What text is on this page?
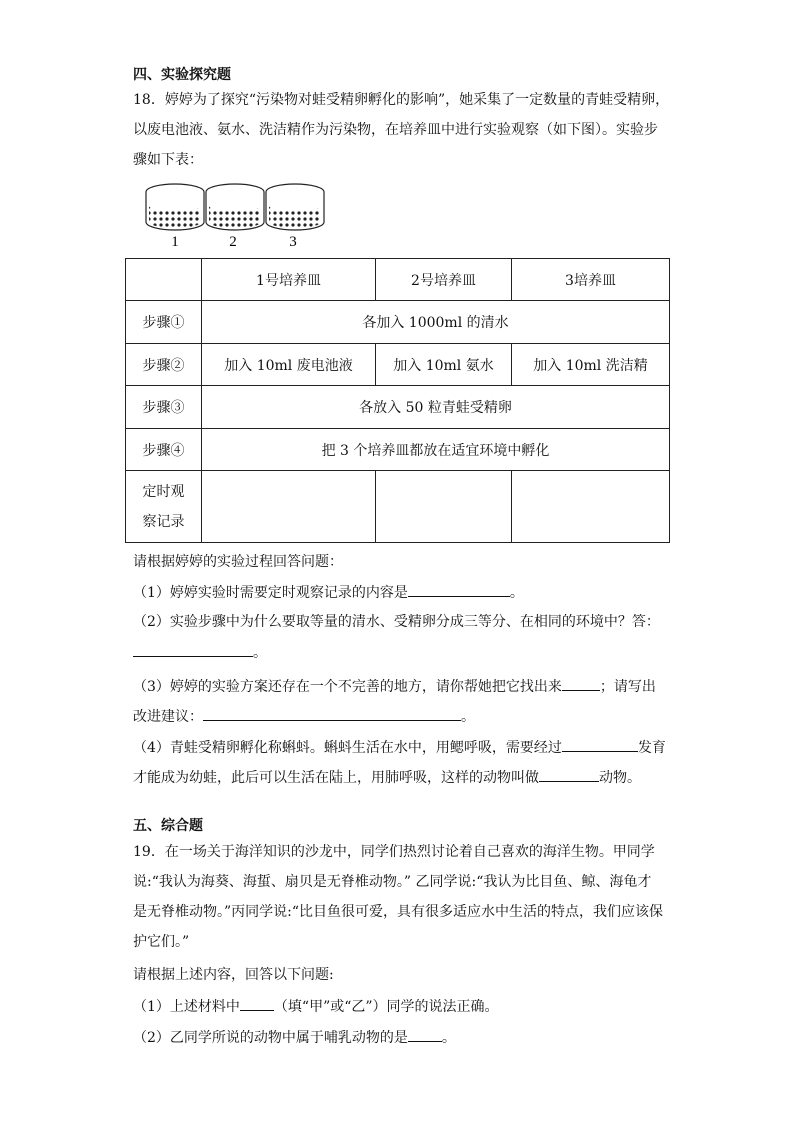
四、实验探究题
18．婷婷为了探究“污染物对蛙受精卵孵化的影响”，她采集了一定数量的青蛙受精卵，
以废电池液、氨水、洗洁精作为污染物，在培养皿中进行实验观察（如下图）。实验步
骤如下表：
1	2	3
	1号培养皿	2号培养皿	3培养皿
步骤①	各加入 1000ml 的清水		
步骤②	加入 10ml 废电池液	加入 10ml 氨水	加入 10ml 洗洁精
步骤③	各放入 50 粒青蛙受精卵		
步骤④	把 3 个培养皿都放在适宜环境中孵化		
定时观
察记录			
请根据婷婷的实验过程回答问题：
（1）婷婷实验时需要定时观察记录的内容是	。
（2）实验步骤中为什么要取等量的清水、受精卵分成三等分、在相同的环境中？答：
。
（3）婷婷的实验方案还存在一个不完善的地方，请你帮她把它找出来	；请写出
改进建议：	。
（4）青蛙受精卵孵化称蝌蚪。蝌蚪生活在水中，用鳃呼吸，需要经过	发育
才能成为幼蛙，此后可以生活在陆上，用肺呼吸，这样的动物叫做	动物。
五、综合题
19．在一场关于海洋知识的沙龙中，同学们热烈讨论着自己喜欢的海洋生物。甲同学
说:“我认为海葵、海蜇、扇贝是无脊椎动物。” 乙同学说:“我认为比目鱼、鲸、海龟才
是无脊椎动物。”丙同学说:“比目鱼很可爱，具有很多适应水中生活的特点，我们应该保
护它们。”
请根据上述内容，回答以下问题:
（1）上述材料中 （填“甲”或“乙”）同学的说法正确。
（2）乙同学所说的动物中属于哺乳动物的是 。
